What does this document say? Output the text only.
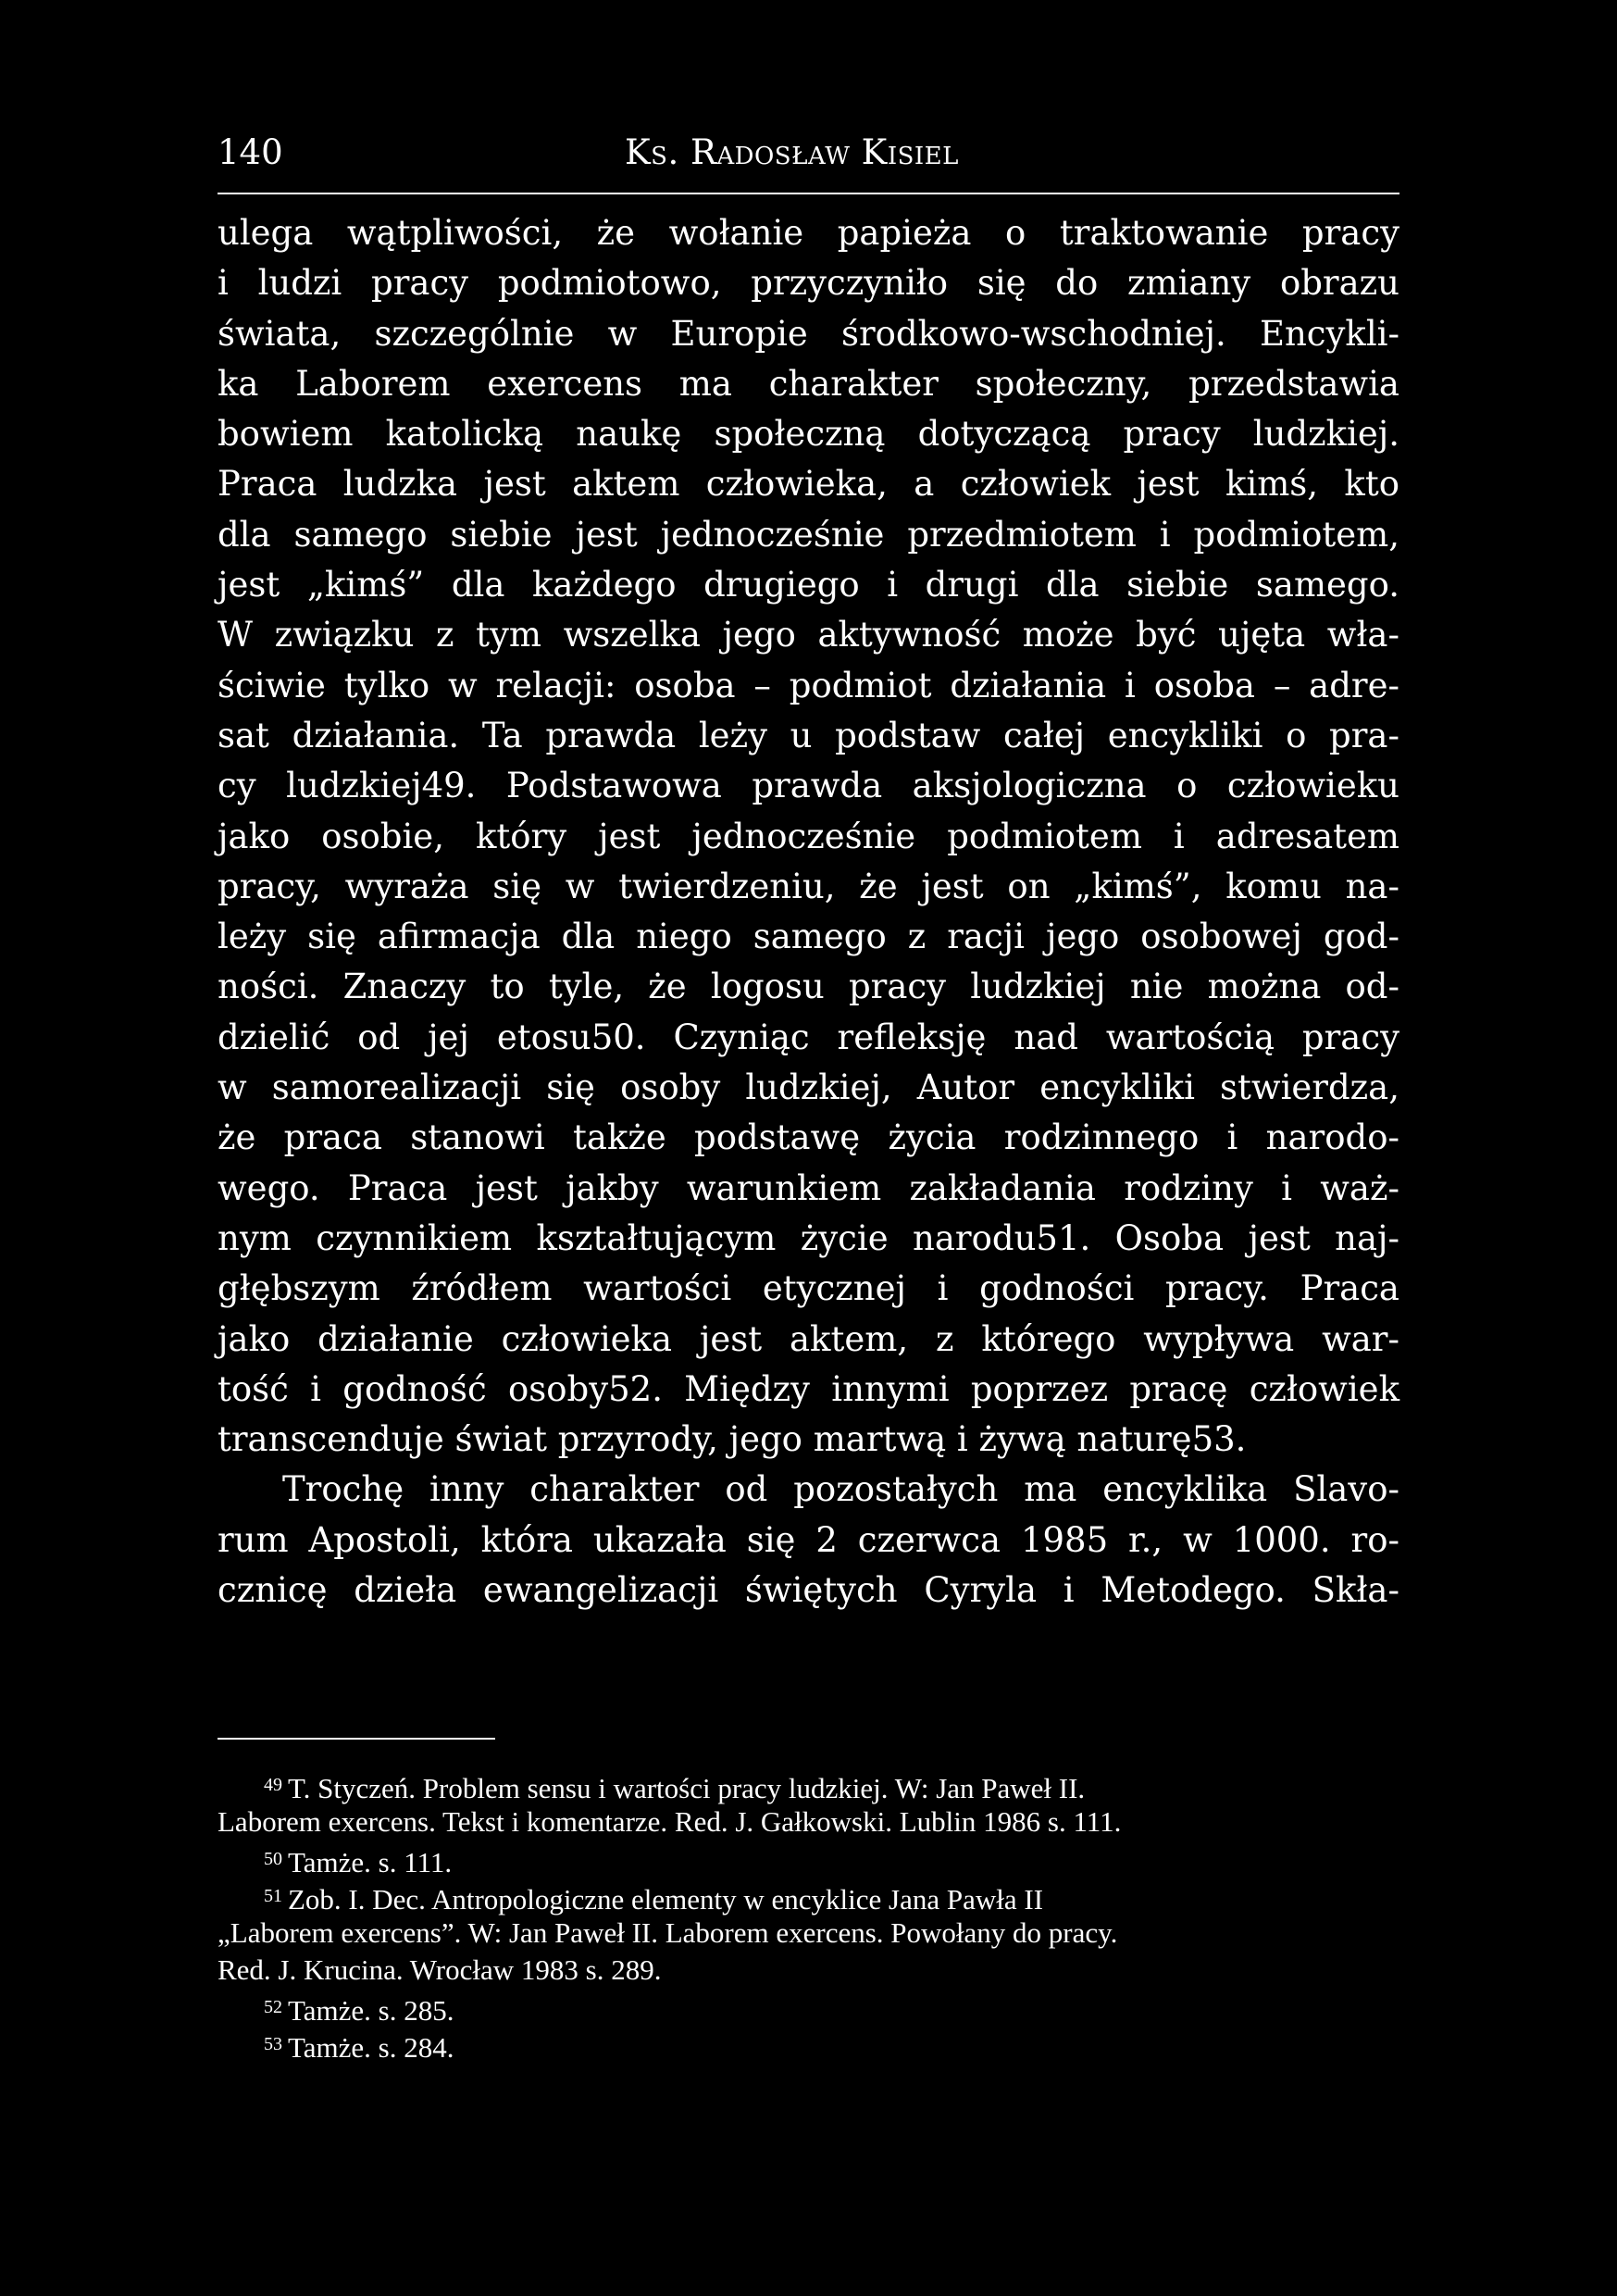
140	Ks. Radosław Kisiel
ulega wątpliwości, że wołanie papieża o traktowanie pracy
i ludzi pracy podmiotowo, przyczyniło się do zmiany obrazu
świata, szczególnie w Europie środkowo-wschodniej. Encykli-
ka Laborem exercens ma charakter społeczny, przedstawia
bowiem katolicką naukę społeczną dotyczącą pracy ludzkiej.
Praca ludzka jest aktem człowieka, a człowiek jest kimś, kto
dla samego siebie jest jednocześnie przedmiotem i podmiotem,
jest „kimś” dla każdego drugiego i drugi dla siebie samego.
W związku z tym wszelka jego aktywność może być ujęta wła-
ściwie tylko w relacji: osoba – podmiot działania i osoba – adre-
sat działania. Ta prawda leży u podstaw całej encykliki o pra-
cy ludzkiej49. Podstawowa prawda aksjologiczna o człowieku
jako osobie, który jest jednocześnie podmiotem i adresatem
pracy, wyraża się w twierdzeniu, że jest on „kimś”, komu na-
leży się afirmacja dla niego samego z racji jego osobowej god-
ności. Znaczy to tyle, że logosu pracy ludzkiej nie można od-
dzielić od jej etosu50. Czyniąc refleksję nad wartością pracy
w samorealizacji się osoby ludzkiej, Autor encykliki stwierdza,
że praca stanowi także podstawę życia rodzinnego i narodo-
wego. Praca jest jakby warunkiem zakładania rodziny i waż-
nym czynnikiem kształtującym życie narodu51. Osoba jest naj-
głębszym źródłem wartości etycznej i godności pracy. Praca
jako działanie człowieka jest aktem, z którego wypływa war-
tość i godność osoby52. Między innymi poprzez pracę człowiek
transcenduje świat przyrody, jego martwą i żywą naturę53.
Trochę inny charakter od pozostałych ma encyklika Slavo-
rum Apostoli, która ukazała się 2 czerwca 1985 r., w 1000. ro-
cznicę dzieła ewangelizacji świętych Cyryla i Metodego. Skła-
$^{49}$ T. Styczeń. Problem sensu i wartości pracy ludzkiej. W: Jan Paweł II.
Laborem exercens. Tekst i komentarze. Red. J. Gałkowski. Lublin 1986 s. 111.
$^{50}$ Tamże. s. 111.
$^{51}$ Zob. I. Dec. Antropologiczne elementy w encyklice Jana Pawła II
„Laborem exercens”. W: Jan Paweł II. Laborem exercens. Powołany do pracy.
Red. J. Krucina. Wrocław 1983 s. 289.
$^{52}$ Tamże. s. 285.
$^{53}$ Tamże. s. 284.
